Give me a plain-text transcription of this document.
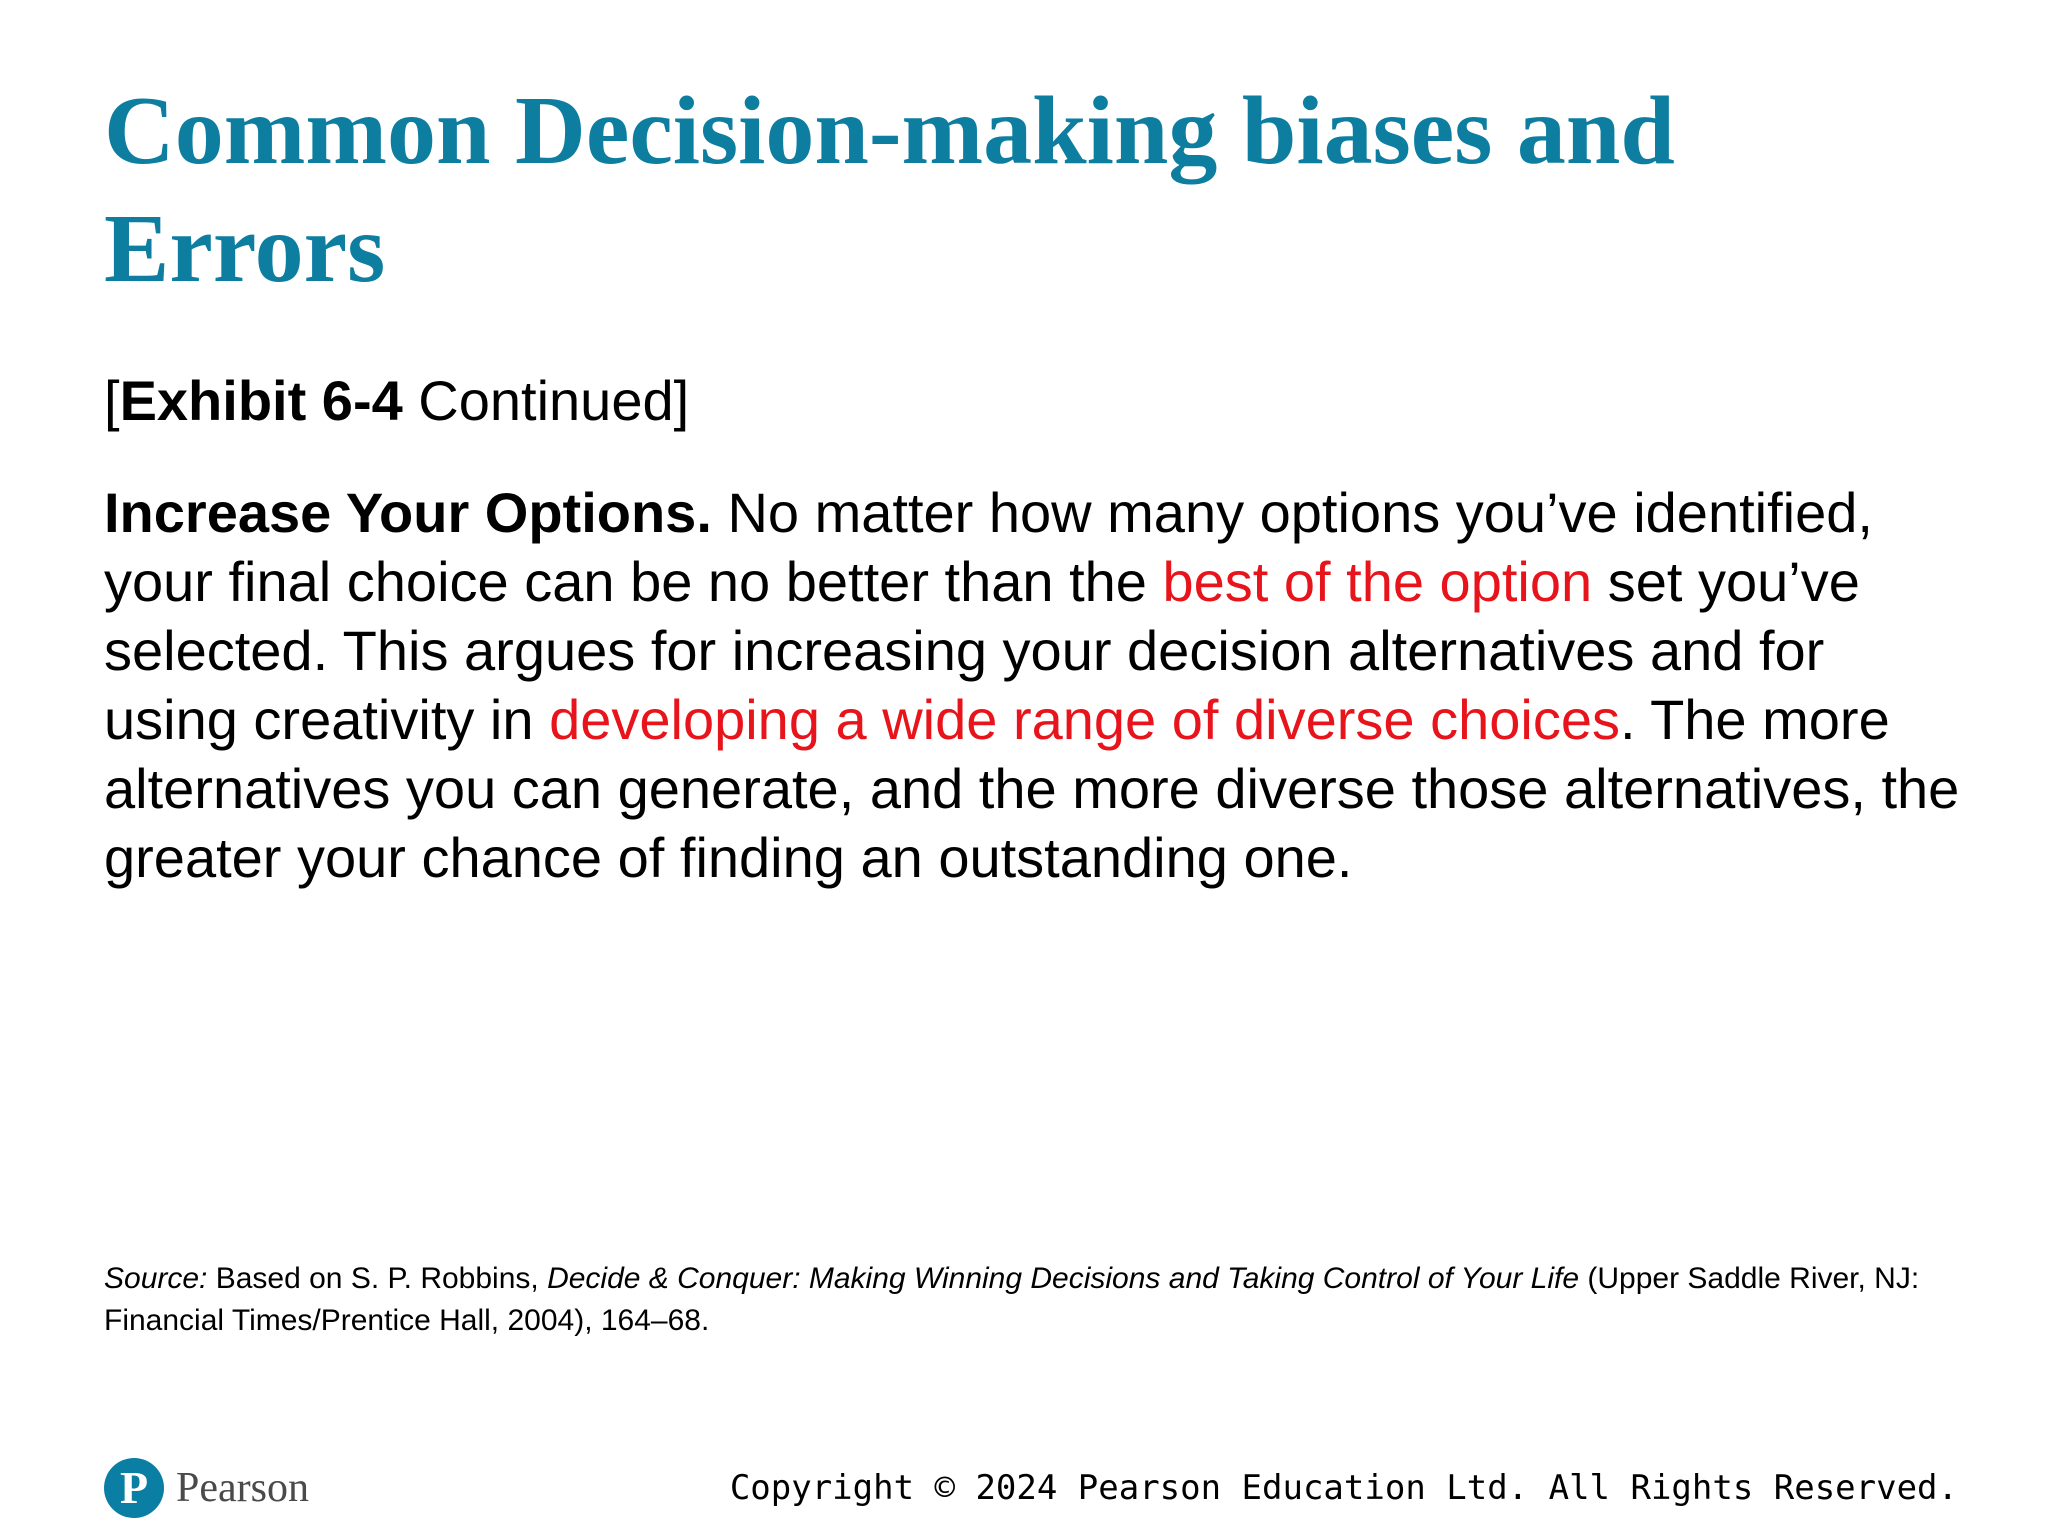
Common Decision-making biases and Errors

[Exhibit 6-4 Continued]

Increase Your Options. No matter how many options you’ve identified, your final choice can be no better than the best of the option set you’ve selected. This argues for increasing your decision alternatives and for using creativity in developing a wide range of diverse choices. The more alternatives you can generate, and the more diverse those alternatives, the greater your chance of finding an outstanding one.

Source: Based on S. P. Robbins, Decide & Conquer: Making Winning Decisions and Taking Control of Your Life (Upper Saddle River, NJ: Financial Times/Prentice Hall, 2004), 164–68.

P Pearson	Copyright © 2024 Pearson Education Ltd. All Rights Reserved.
